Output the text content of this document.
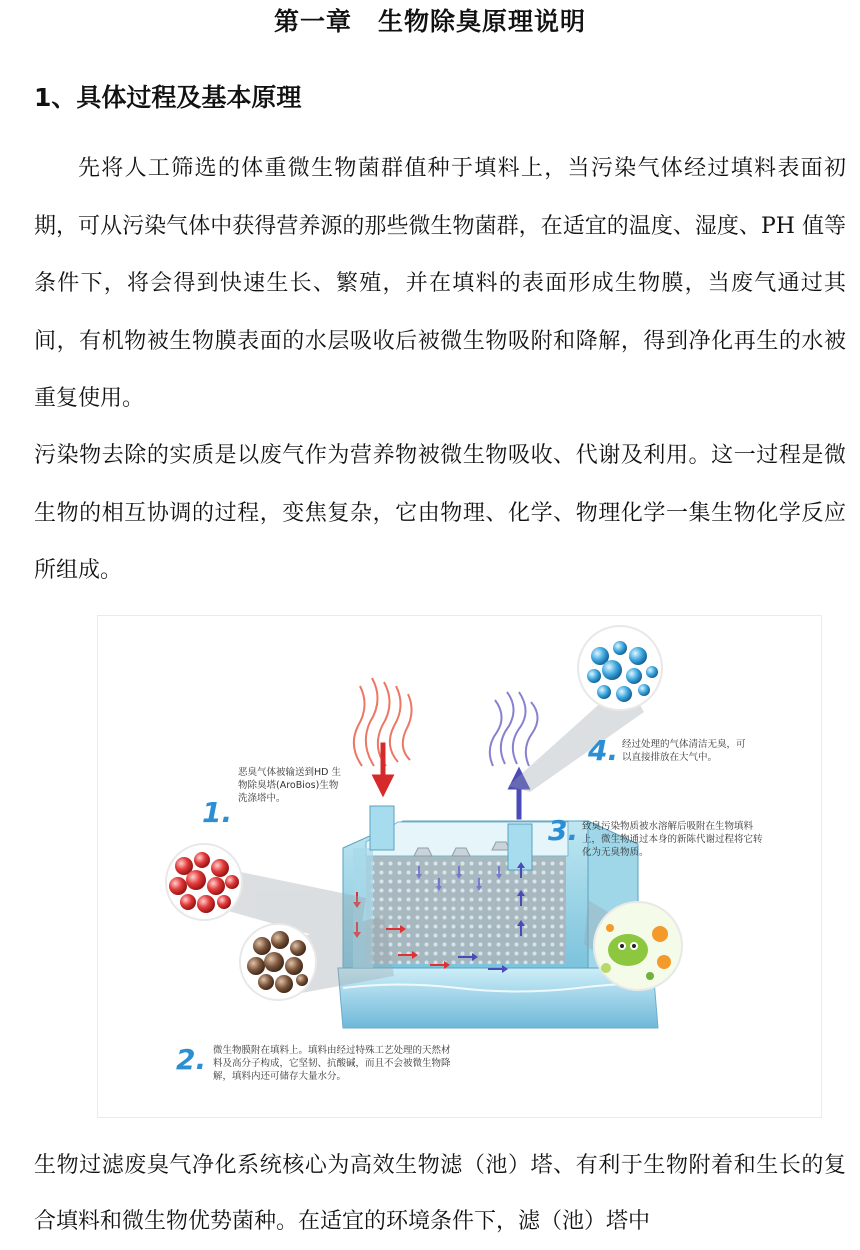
第一章　生物除臭原理说明
1、具体过程及基本原理

先将人工筛选的体重微生物菌群值种于填料上，当污染气体经过填料表面初期，可从污染气体中获得营养源的那些微生物菌群，在适宜的温度、湿度、PH 值等条件下，将会得到快速生长、繁殖，并在填料的表面形成生物膜，当废气通过其间，有机物被生物膜表面的水层吸收后被微生物吸附和降解，得到净化再生的水被重复使用。

污染物去除的实质是以废气作为营养物被微生物吸收、代谢及利用。这一过程是微生物的相互协调的过程，变焦复杂，它由物理、化学、物理化学一集生物化学反应所组成。

1.
2.
3.
4.
恶臭气体被输送到HD 生物除臭塔(AroBios)生物洗涤塔中。
微生物膜附在填料上。填料由经过特殊工艺处理的天然材料及高分子构成，它坚韧、抗酸碱，而且不会被微生物降解，填料内还可储存大量水分。
致臭污染物质被水溶解后吸附在生物填料上，微生物通过本身的新陈代谢过程将它转化为无臭物质。
经过处理的气体清洁无臭，可以直接排放在大气中。

生物过滤废臭气净化系统核心为高效生物滤（池）塔、有利于生物附着和生长的复合填料和微生物优势菌种。在适宜的环境条件下，滤（池）塔中
